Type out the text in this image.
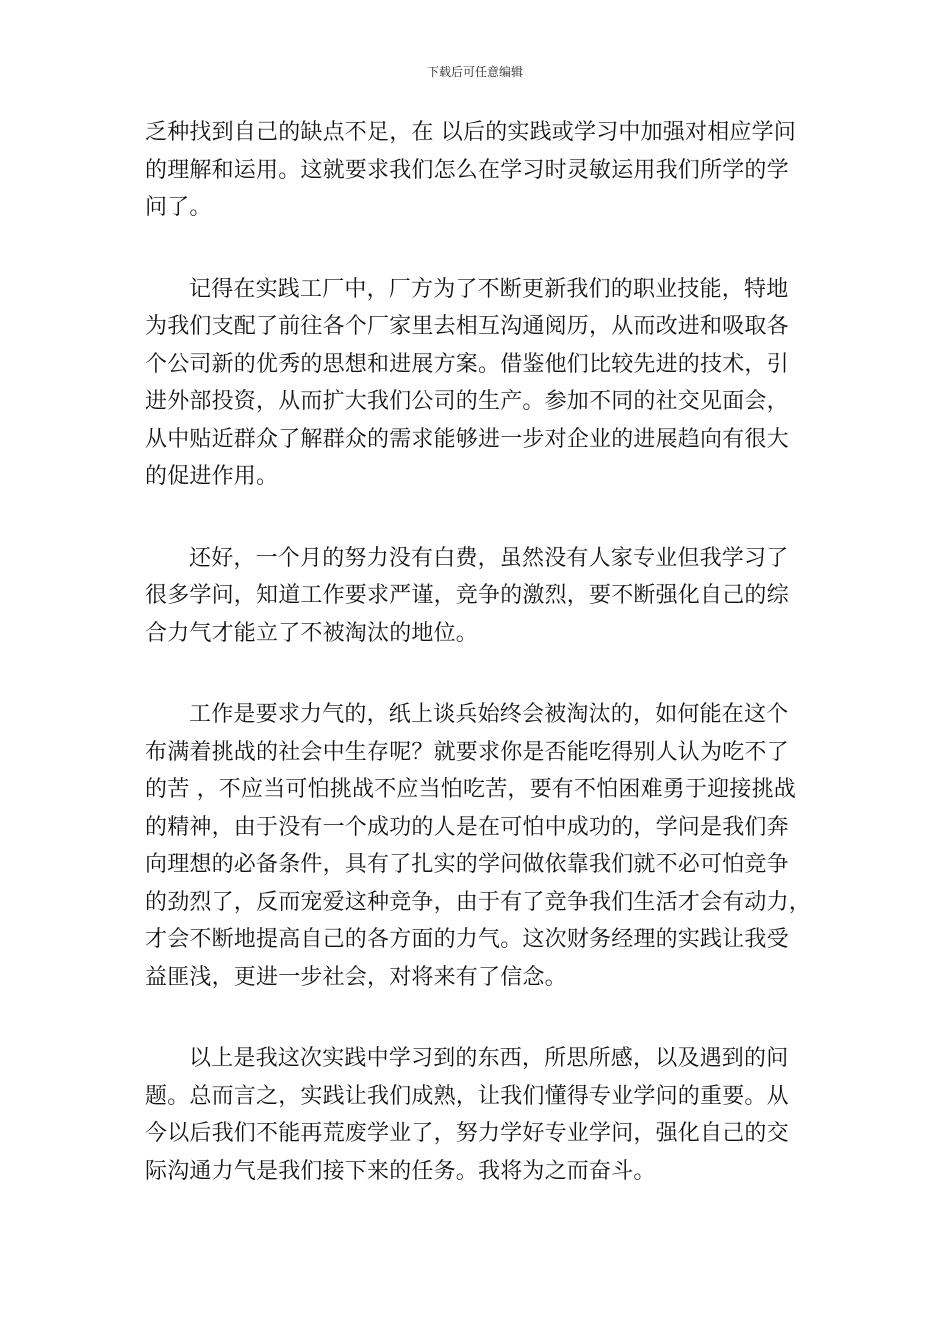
下载后可任意编辑
乏种找到自己的缺点不足，在 以后的实践或学习中加强对相应学问
的理解和运用。这就要求我们怎么在学习时灵敏运用我们所学的学
问了。
记得在实践工厂中，厂方为了不断更新我们的职业技能，特地
为我们支配了前往各个厂家里去相互沟通阅历，从而改进和吸取各
个公司新的优秀的思想和进展方案。借鉴他们比较先进的技术，引
进外部投资，从而扩大我们公司的生产。参加不同的社交见面会，
从中贴近群众了解群众的需求能够进一步对企业的进展趋向有很大
的促进作用。
还好，一个月的努力没有白费，虽然没有人家专业但我学习了
很多学问，知道工作要求严谨，竞争的激烈，要不断强化自己的综
合力气才能立了不被淘汰的地位。
工作是要求力气的，纸上谈兵始终会被淘汰的，如何能在这个
布满着挑战的社会中生存呢？就要求你是否能吃得别人认为吃不了
的苦 ，不应当可怕挑战不应当怕吃苦，要有不怕困难勇于迎接挑战
的精神，由于没有一个成功的人是在可怕中成功的，学问是我们奔
向理想的必备条件，具有了扎实的学问做依靠我们就不必可怕竞争
的劲烈了，反而宠爱这种竞争，由于有了竞争我们生活才会有动力，
才会不断地提高自己的各方面的力气。这次财务经理的实践让我受
益匪浅，更进一步社会，对将来有了信念。
以上是我这次实践中学习到的东西，所思所感，以及遇到的问
题。总而言之，实践让我们成熟，让我们懂得专业学问的重要。从
今以后我们不能再荒废学业了，努力学好专业学问，强化自己的交
际沟通力气是我们接下来的任务。我将为之而奋斗。
